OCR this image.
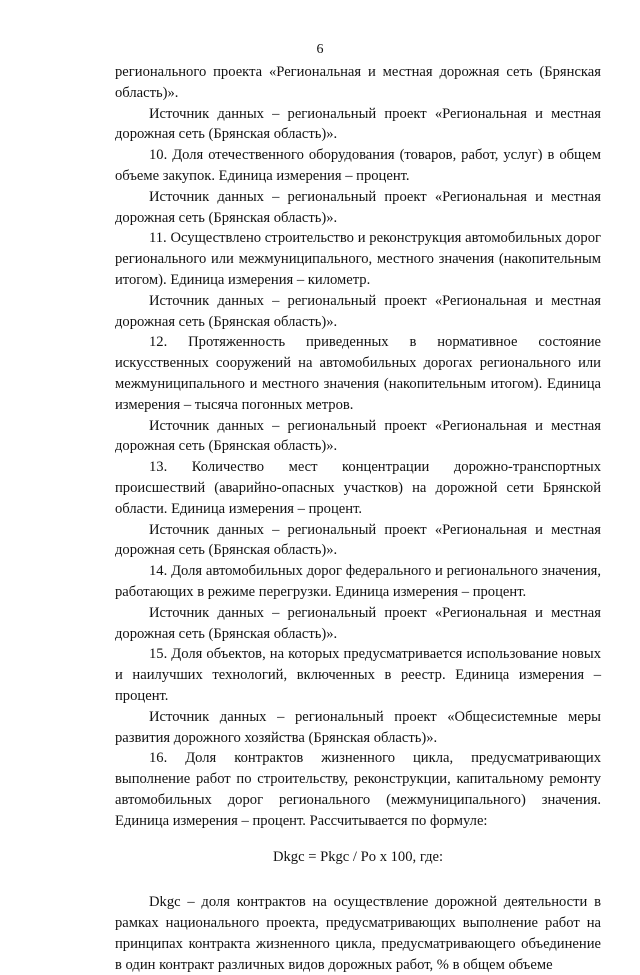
6

регионального проекта «Региональная и местная дорожная сеть (Брянская область)».

Источник данных – региональный проект «Региональная и местная дорожная сеть (Брянская область)».

10. Доля отечественного оборудования (товаров, работ, услуг) в общем объеме закупок. Единица измерения – процент.

Источник данных – региональный проект «Региональная и местная дорожная сеть (Брянская область)».

11. Осуществлено строительство и реконструкция автомобильных дорог регионального или межмуниципального, местного значения (накопительным итогом). Единица измерения – километр.

Источник данных – региональный проект «Региональная и местная дорожная сеть (Брянская область)».

12. Протяженность приведенных в нормативное состояние искусственных сооружений на автомобильных дорогах регионального или межмуниципального и местного значения (накопительным итогом). Единица измерения – тысяча погонных метров.

Источник данных – региональный проект «Региональная и местная дорожная сеть (Брянская область)».

13. Количество мест концентрации дорожно-транспортных происшествий (аварийно-опасных участков) на дорожной сети Брянской области. Единица измерения – процент.

Источник данных – региональный проект «Региональная и местная дорожная сеть (Брянская область)».

14. Доля автомобильных дорог федерального и регионального значения, работающих в режиме перегрузки. Единица измерения – процент.

Источник данных – региональный проект «Региональная и местная дорожная сеть (Брянская область)».

15. Доля объектов, на которых предусматривается использование новых и наилучших технологий, включенных в реестр. Единица измерения – процент.

Источник данных – региональный проект «Общесистемные меры развития дорожного хозяйства (Брянская область)».

16. Доля контрактов жизненного цикла, предусматривающих выполнение работ по строительству, реконструкции, капитальному ремонту автомобильных дорог регионального (межмуниципального) значения. Единица измерения – процент. Рассчитывается по формуле:

Dkgc = Pkgc / Po х 100, где:

Dkgc – доля контрактов на осуществление дорожной деятельности в рамках национального проекта, предусматривающих выполнение работ на принципах контракта жизненного цикла, предусматривающего объединение в один контракт различных видов дорожных работ, % в общем объеме
